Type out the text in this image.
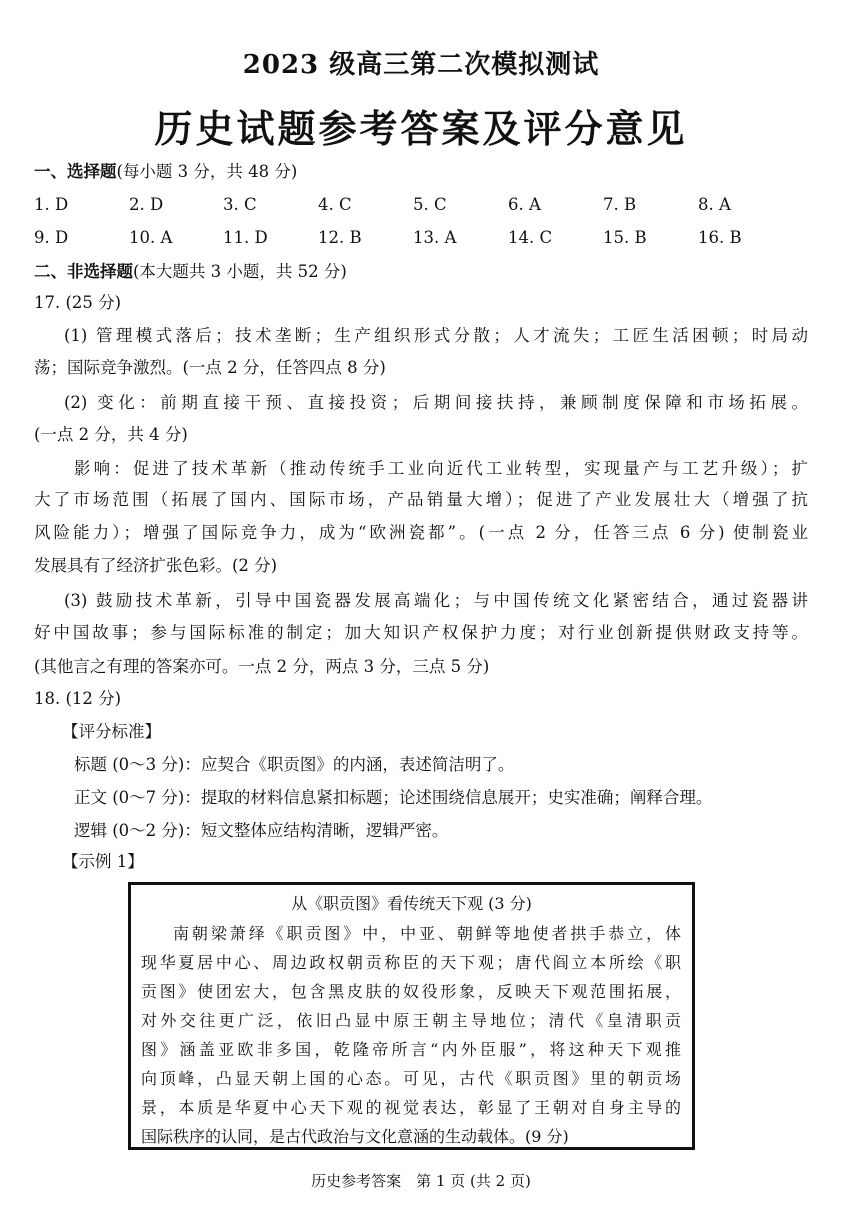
2023 级高三第二次模拟测试
历史试题参考答案及评分意见
一、选择题(每小题 3 分，共 48 分)
1. D	2. D	3. C	4. C	5. C	6. A	7. B	8. A
9. D	10. A	11. D	12. B	13. A	14. C	15. B	16. B
二、非选择题(本大题共 3 小题，共 52 分)
17. (25 分)
(1) 管理模式落后；技术垄断；生产组织形式分散；人才流失；工匠生活困顿；时局动
荡；国际竞争激烈。(一点 2 分，任答四点 8 分)
(2) 变化：前期直接干预、直接投资；后期间接扶持，兼顾制度保障和市场拓展。
(一点 2 分，共 4 分)
影响：促进了技术革新（推动传统手工业向近代工业转型，实现量产与工艺升级）；扩
大了市场范围（拓展了国内、国际市场，产品销量大增）；促进了产业发展壮大（增强了抗
风险能力）；增强了国际竞争力，成为“欧洲瓷都”。(一点 2 分，任答三点 6 分) 使制瓷业
发展具有了经济扩张色彩。(2 分)
(3) 鼓励技术革新，引导中国瓷器发展高端化；与中国传统文化紧密结合，通过瓷器讲
好中国故事；参与国际标准的制定；加大知识产权保护力度；对行业创新提供财政支持等。
(其他言之有理的答案亦可。一点 2 分，两点 3 分，三点 5 分)
18. (12 分)
【评分标准】
标题 (0～3 分)：应契合《职贡图》的内涵，表述简洁明了。
正文 (0～7 分)：提取的材料信息紧扣标题；论述围绕信息展开；史实准确；阐释合理。
逻辑 (0～2 分)：短文整体应结构清晰，逻辑严密。
【示例 1】
从《职贡图》看传统天下观 (3 分)
南朝梁萧绎《职贡图》中，中亚、朝鲜等地使者拱手恭立，体
现华夏居中心、周边政权朝贡称臣的天下观；唐代阎立本所绘《职
贡图》使团宏大，包含黑皮肤的奴役形象，反映天下观范围拓展，
对外交往更广泛，依旧凸显中原王朝主导地位；清代《皇清职贡
图》涵盖亚欧非多国，乾隆帝所言“内外臣服”，将这种天下观推
向顶峰，凸显天朝上国的心态。可见，古代《职贡图》里的朝贡场
景，本质是华夏中心天下观的视觉表达，彰显了王朝对自身主导的
国际秩序的认同，是古代政治与文化意涵的生动载体。(9 分)
历史参考答案　第 1 页 (共 2 页)
